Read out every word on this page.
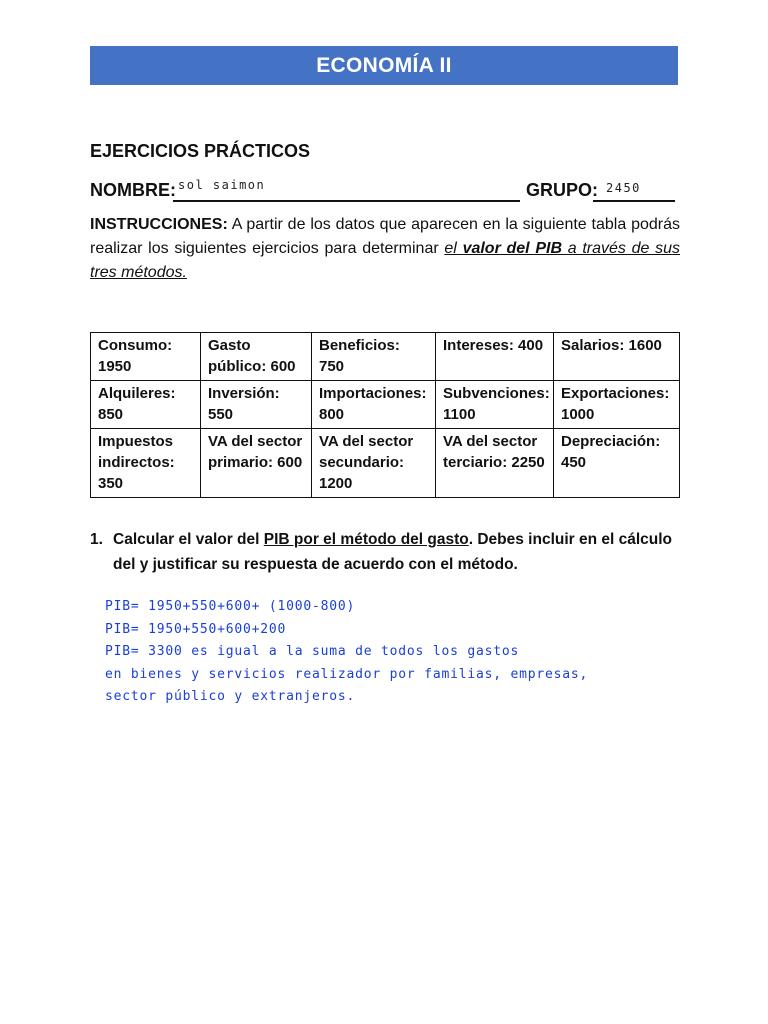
ECONOMÍA II
EJERCICIOS PRÁCTICOS
NOMBRE: sol saimon	GRUPO: 2450
INSTRUCCIONES: A partir de los datos que aparecen en la siguiente tabla podrás realizar los siguientes ejercicios para determinar el valor del PIB a través de sus tres métodos.
Consumo: 1950	Gasto público: 600	Beneficios: 750	Intereses: 400	Salarios: 1600
Alquileres: 850	Inversión: 550	Importaciones: 800	Subvenciones: 1100	Exportaciones: 1000
Impuestos indirectos: 350	VA del sector primario: 600	VA del sector secundario: 1200	VA del sector terciario: 2250	Depreciación: 450
1. Calcular el valor del PIB por el método del gasto. Debes incluir en el cálculo del y justificar su respuesta de acuerdo con el método.
PIB= 1950+550+600+ (1000-800)
PIB= 1950+550+600+200
PIB= 3300 es igual a la suma de todos los gastos
en bienes y servicios realizador por familias, empresas,
sector público y extranjeros.
